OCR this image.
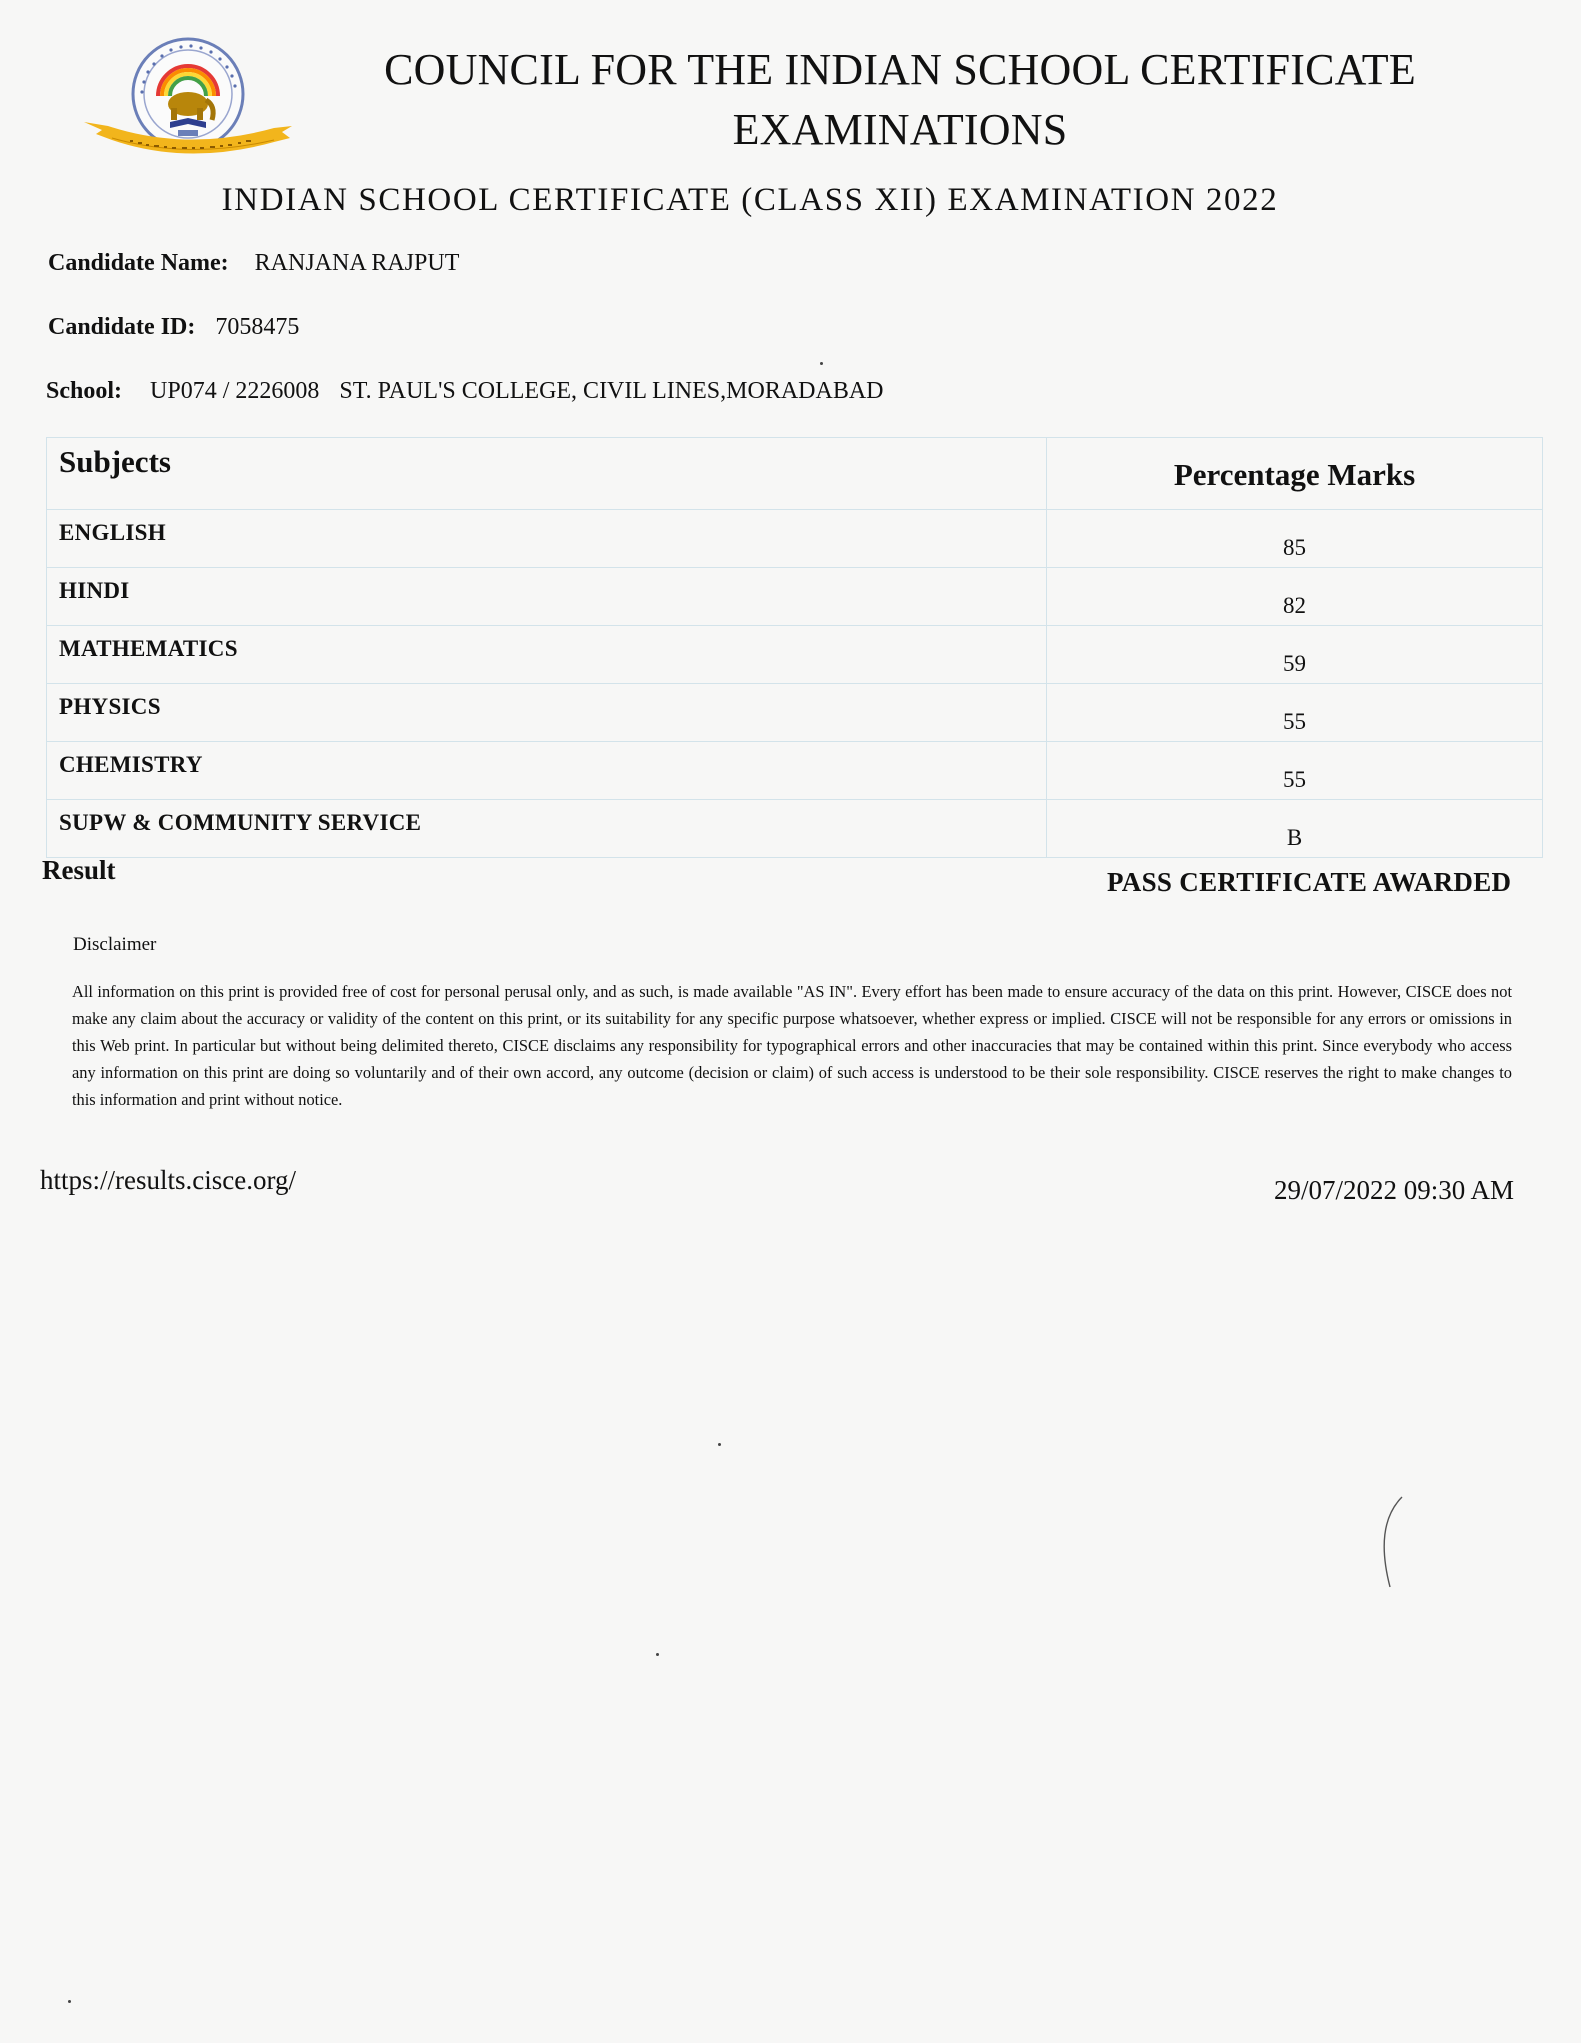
COUNCIL FOR THE INDIAN SCHOOL CERTIFICATE
EXAMINATIONS
INDIAN SCHOOL CERTIFICATE (CLASS XII) EXAMINATION 2022
Candidate Name: RANJANA RAJPUT
Candidate ID: 7058475
School: UP074 / 2226008 ST. PAUL'S COLLEGE, CIVIL LINES,MORADABAD
Subjects	Percentage Marks
ENGLISH	85
HINDI	82
MATHEMATICS	59
PHYSICS	55
CHEMISTRY	55
SUPW & COMMUNITY SERVICE	B
Result	PASS CERTIFICATE AWARDED
Disclaimer
All information on this print is provided free of cost for personal perusal only, and as such, is made available "AS IN". Every effort has been made to ensure accuracy of the data on this print. However, CISCE does not make any claim about the accuracy or validity of the content on this print, or its suitability for any specific purpose whatsoever, whether express or implied. CISCE will not be responsible for any errors or omissions in this Web print. In particular but without being delimited thereto, CISCE disclaims any responsibility for typographical errors and other inaccuracies that may be contained within this print. Since everybody who access any information on this print are doing so voluntarily and of their own accord, any outcome (decision or claim) of such access is understood to be their sole responsibility. CISCE reserves the right to make changes to this information and print without notice.
https://results.cisce.org/	29/07/2022 09:30 AM
